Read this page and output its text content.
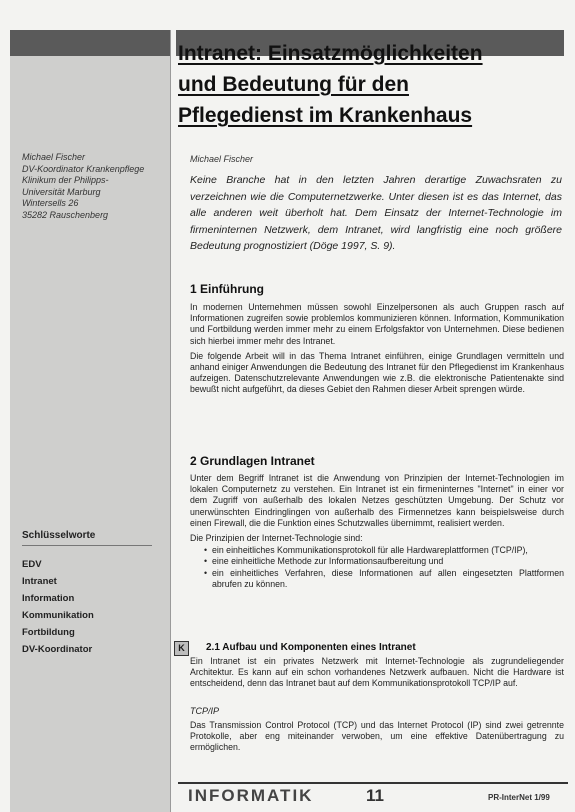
Michael Fischer
DV-Koordinator Krankenpflege
Klinikum der Philipps-
Universität Marburg
Wintersells 26
35282 Rauschenberg
Schlüsselworte
EDV
Intranet
Information
Kommunikation
Fortbildung
DV-Koordinator
Intranet: Einsatzmöglichkeiten
und Bedeutung für den
Pflegedienst im Krankenhaus
Michael Fischer
Keine Branche hat in den letzten Jahren derartige Zuwachsraten zu verzeichnen wie die Computernetzwerke. Unter diesen ist es das Internet, das alle anderen weit überholt hat. Dem Einsatz der Internet-Technologie im firmeninternen Netzwerk, dem Intranet, wird langfristig eine noch größere Bedeutung prognostiziert (Döge 1997, S. 9).
1 Einführung

In modernen Unternehmen müssen sowohl Einzelpersonen als auch Gruppen rasch auf Informationen zugreifen sowie problemlos kommunizieren können. Information, Kommunikation und Fortbildung werden immer mehr zu einem Erfolgsfaktor von Unternehmen. Diese bedienen sich hierbei immer mehr des Intranet.

Die folgende Arbeit will in das Thema Intranet einführen, einige Grundlagen vermitteln und anhand einiger Anwendungen die Bedeutung des Intranet für den Pflegedienst im Krankenhaus aufzeigen. Datenschutzrelevante Anwendungen wie z.B. die elektronische Patientenakte sind bewußt nicht aufgeführt, da dieses Gebiet den Rahmen dieser Arbeit sprengen würde.

2 Grundlagen Intranet

Unter dem Begriff Intranet ist die Anwendung von Prinzipien der Internet-Technologien im lokalen Computernetz zu verstehen. Ein Intranet ist ein firmeninternes "Internet" in einer vor dem Zugriff von außerhalb des lokalen Netzes geschützten Umgebung. Der Schutz vor unerwünschten Eindringlingen von außerhalb des Firmennetzes kann beispielsweise durch einen Firewall, die die Funktion eines Schutzwalles übernimmt, realisiert werden.

Die Prinzipien der Internet-Technologie sind:

• ein einheitliches Kommunikationsprotokoll für alle Hardwareplattformen (TCP/IP),
• eine einheitliche Methode zur Informationsaufbereitung und
• ein einheitliches Verfahren, diese Informationen auf allen eingesetzten Plattformen abrufen zu können.
2.1 Aufbau und Komponenten eines Intranet

Ein Intranet ist ein privates Netzwerk mit Internet-Technologie als zugrundeliegender Architektur. Es kann auf ein schon vorhandenes Netzwerk aufbauen. Nicht die Hardware ist entscheidend, denn das Intranet baut auf dem Kommunikationsprotokoll TCP/IP auf.

TCP/IP

Das Transmission Control Protocol (TCP) und das Internet Protocol (IP) sind zwei getrennte Protokolle, aber eng miteinander verwoben, um eine effektive Datenübertragung zu ermöglichen.

K
INFORMATIK	11	PR-InterNet 1/99
